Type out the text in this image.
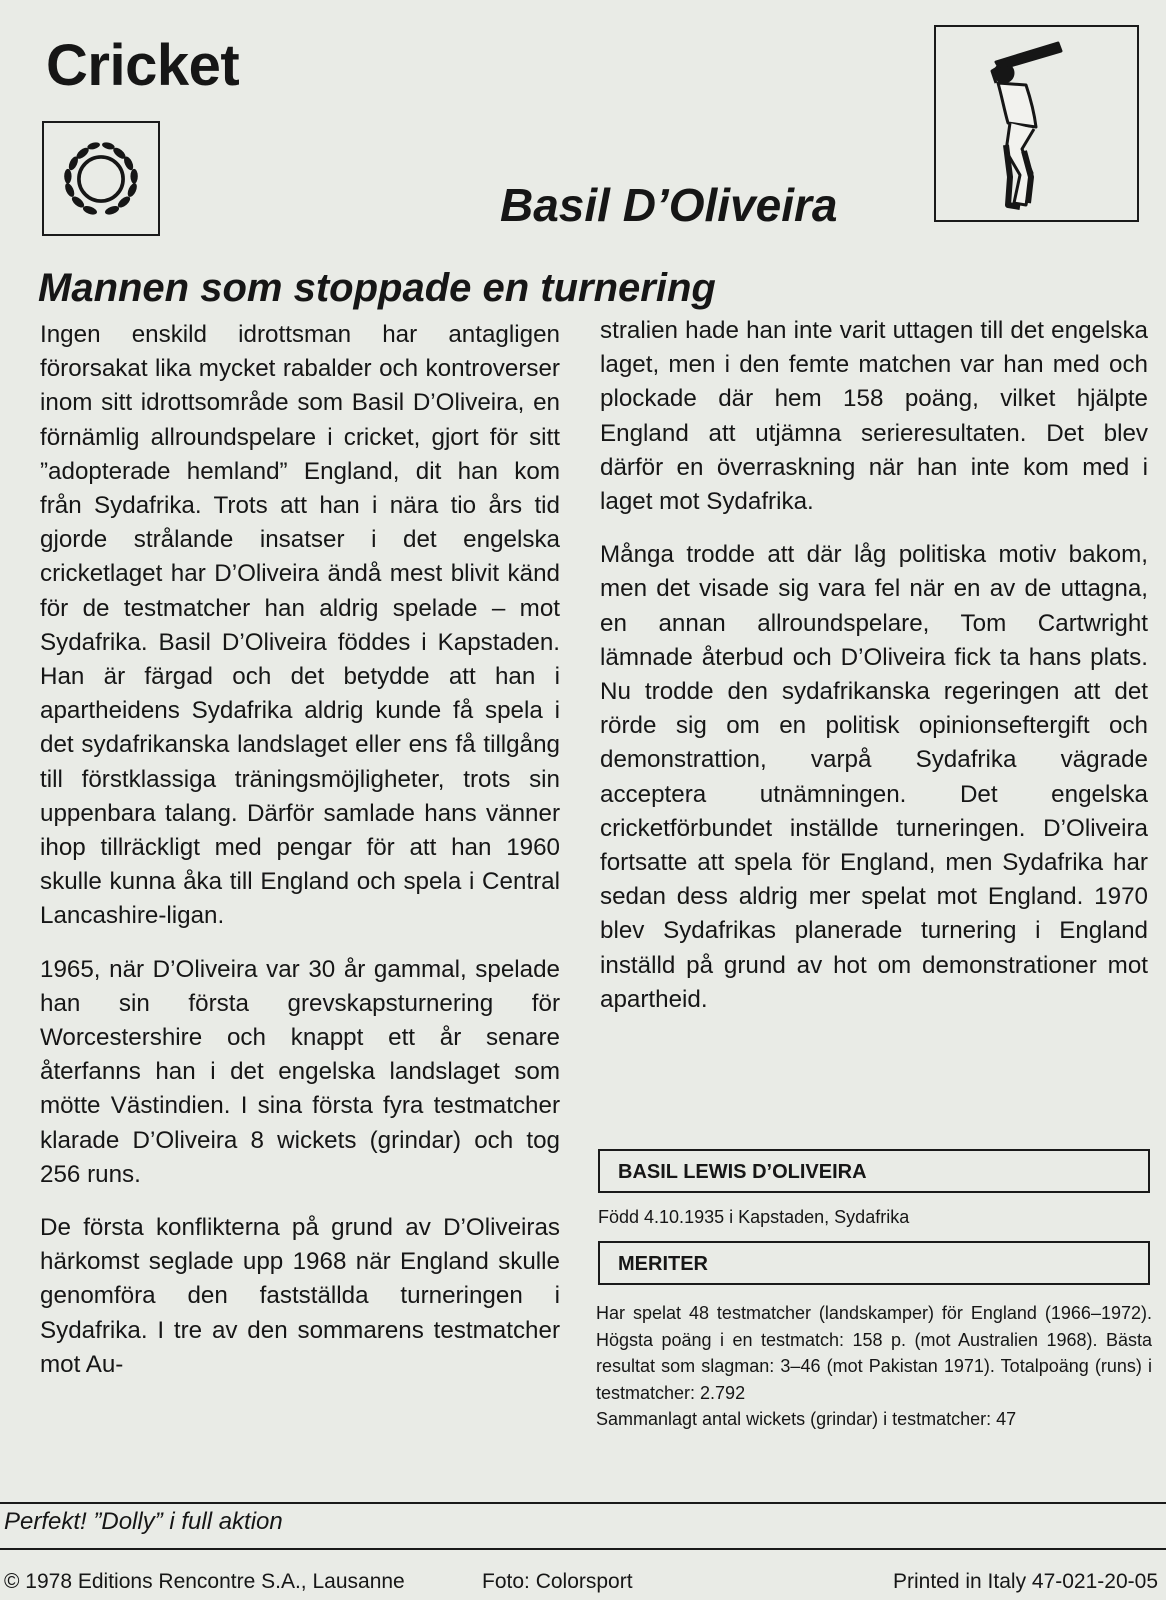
Cricket
Basil D’Oliveira
Mannen som stoppade en turnering

Ingen enskild idrottsman har antagligen förorsakat lika mycket rabalder och kontroverser inom sitt idrottsområde som Basil D’Oliveira, en förnämlig allroundspelare i cricket, gjort för sitt ”adopterade hemland” England, dit han kom från Sydafrika. Trots att han i nära tio års tid gjorde strålande insatser i det engelska cricketlaget har D’Oliveira ändå mest blivit känd för de testmatcher han aldrig spelade – mot Sydafrika. Basil D’Oliveira föddes i Kapstaden. Han är färgad och det betydde att han i apartheidens Sydafrika aldrig kunde få spela i det sydafrikanska landslaget eller ens få tillgång till förstklassiga träningsmöjligheter, trots sin uppenbara talang. Därför samlade hans vänner ihop tillräckligt med pengar för att han 1960 skulle kunna åka till England och spela i Central Lancashire-ligan.

1965, när D’Oliveira var 30 år gammal, spelade han sin första grevskapsturnering för Worcestershire och knappt ett år senare återfanns han i det engelska landslaget som mötte Västindien. I sina första fyra testmatcher klarade D’Oliveira 8 wickets (grindar) och tog 256 runs.

De första konflikterna på grund av D’Oliveiras härkomst seglade upp 1968 när England skulle genomföra den fastställda turneringen i Sydafrika. I tre av den sommarens testmatcher mot Au-

stralien hade han inte varit uttagen till det engelska laget, men i den femte matchen var han med och plockade där hem 158 poäng, vilket hjälpte England att utjämna serieresultaten. Det blev därför en överraskning när han inte kom med i laget mot Sydafrika.

Många trodde att där låg politiska motiv bakom, men det visade sig vara fel när en av de uttagna, en annan allroundspelare, Tom Cartwright lämnade återbud och D’Oliveira fick ta hans plats. Nu trodde den sydafrikanska regeringen att det rörde sig om en politisk opinionseftergift och demonstrattion, varpå Sydafrika vägrade acceptera utnämningen. Det engelska cricketförbundet inställde turneringen. D’Oliveira fortsatte att spela för England, men Sydafrika har sedan dess aldrig mer spelat mot England. 1970 blev Sydafrikas planerade turnering i England inställd på grund av hot om demonstrationer mot apartheid.

BASIL LEWIS D’OLIVEIRA

Född 4.10.1935 i Kapstaden, Sydafrika

MERITER

Har spelat 48 testmatcher (landskamper) för England (1966–1972). Högsta poäng i en testmatch: 158 p. (mot Australien 1968). Bästa resultat som slagman: 3–46 (mot Pakistan 1971). Totalpoäng (runs) i testmatcher: 2.792
Sammanlagt antal wickets (grindar) i testmatcher: 47

Perfekt! ”Dolly” i full aktion

© 1978 Editions Rencontre S.A., Lausanne	Foto: Colorsport	Printed in Italy 47-021-20-05
